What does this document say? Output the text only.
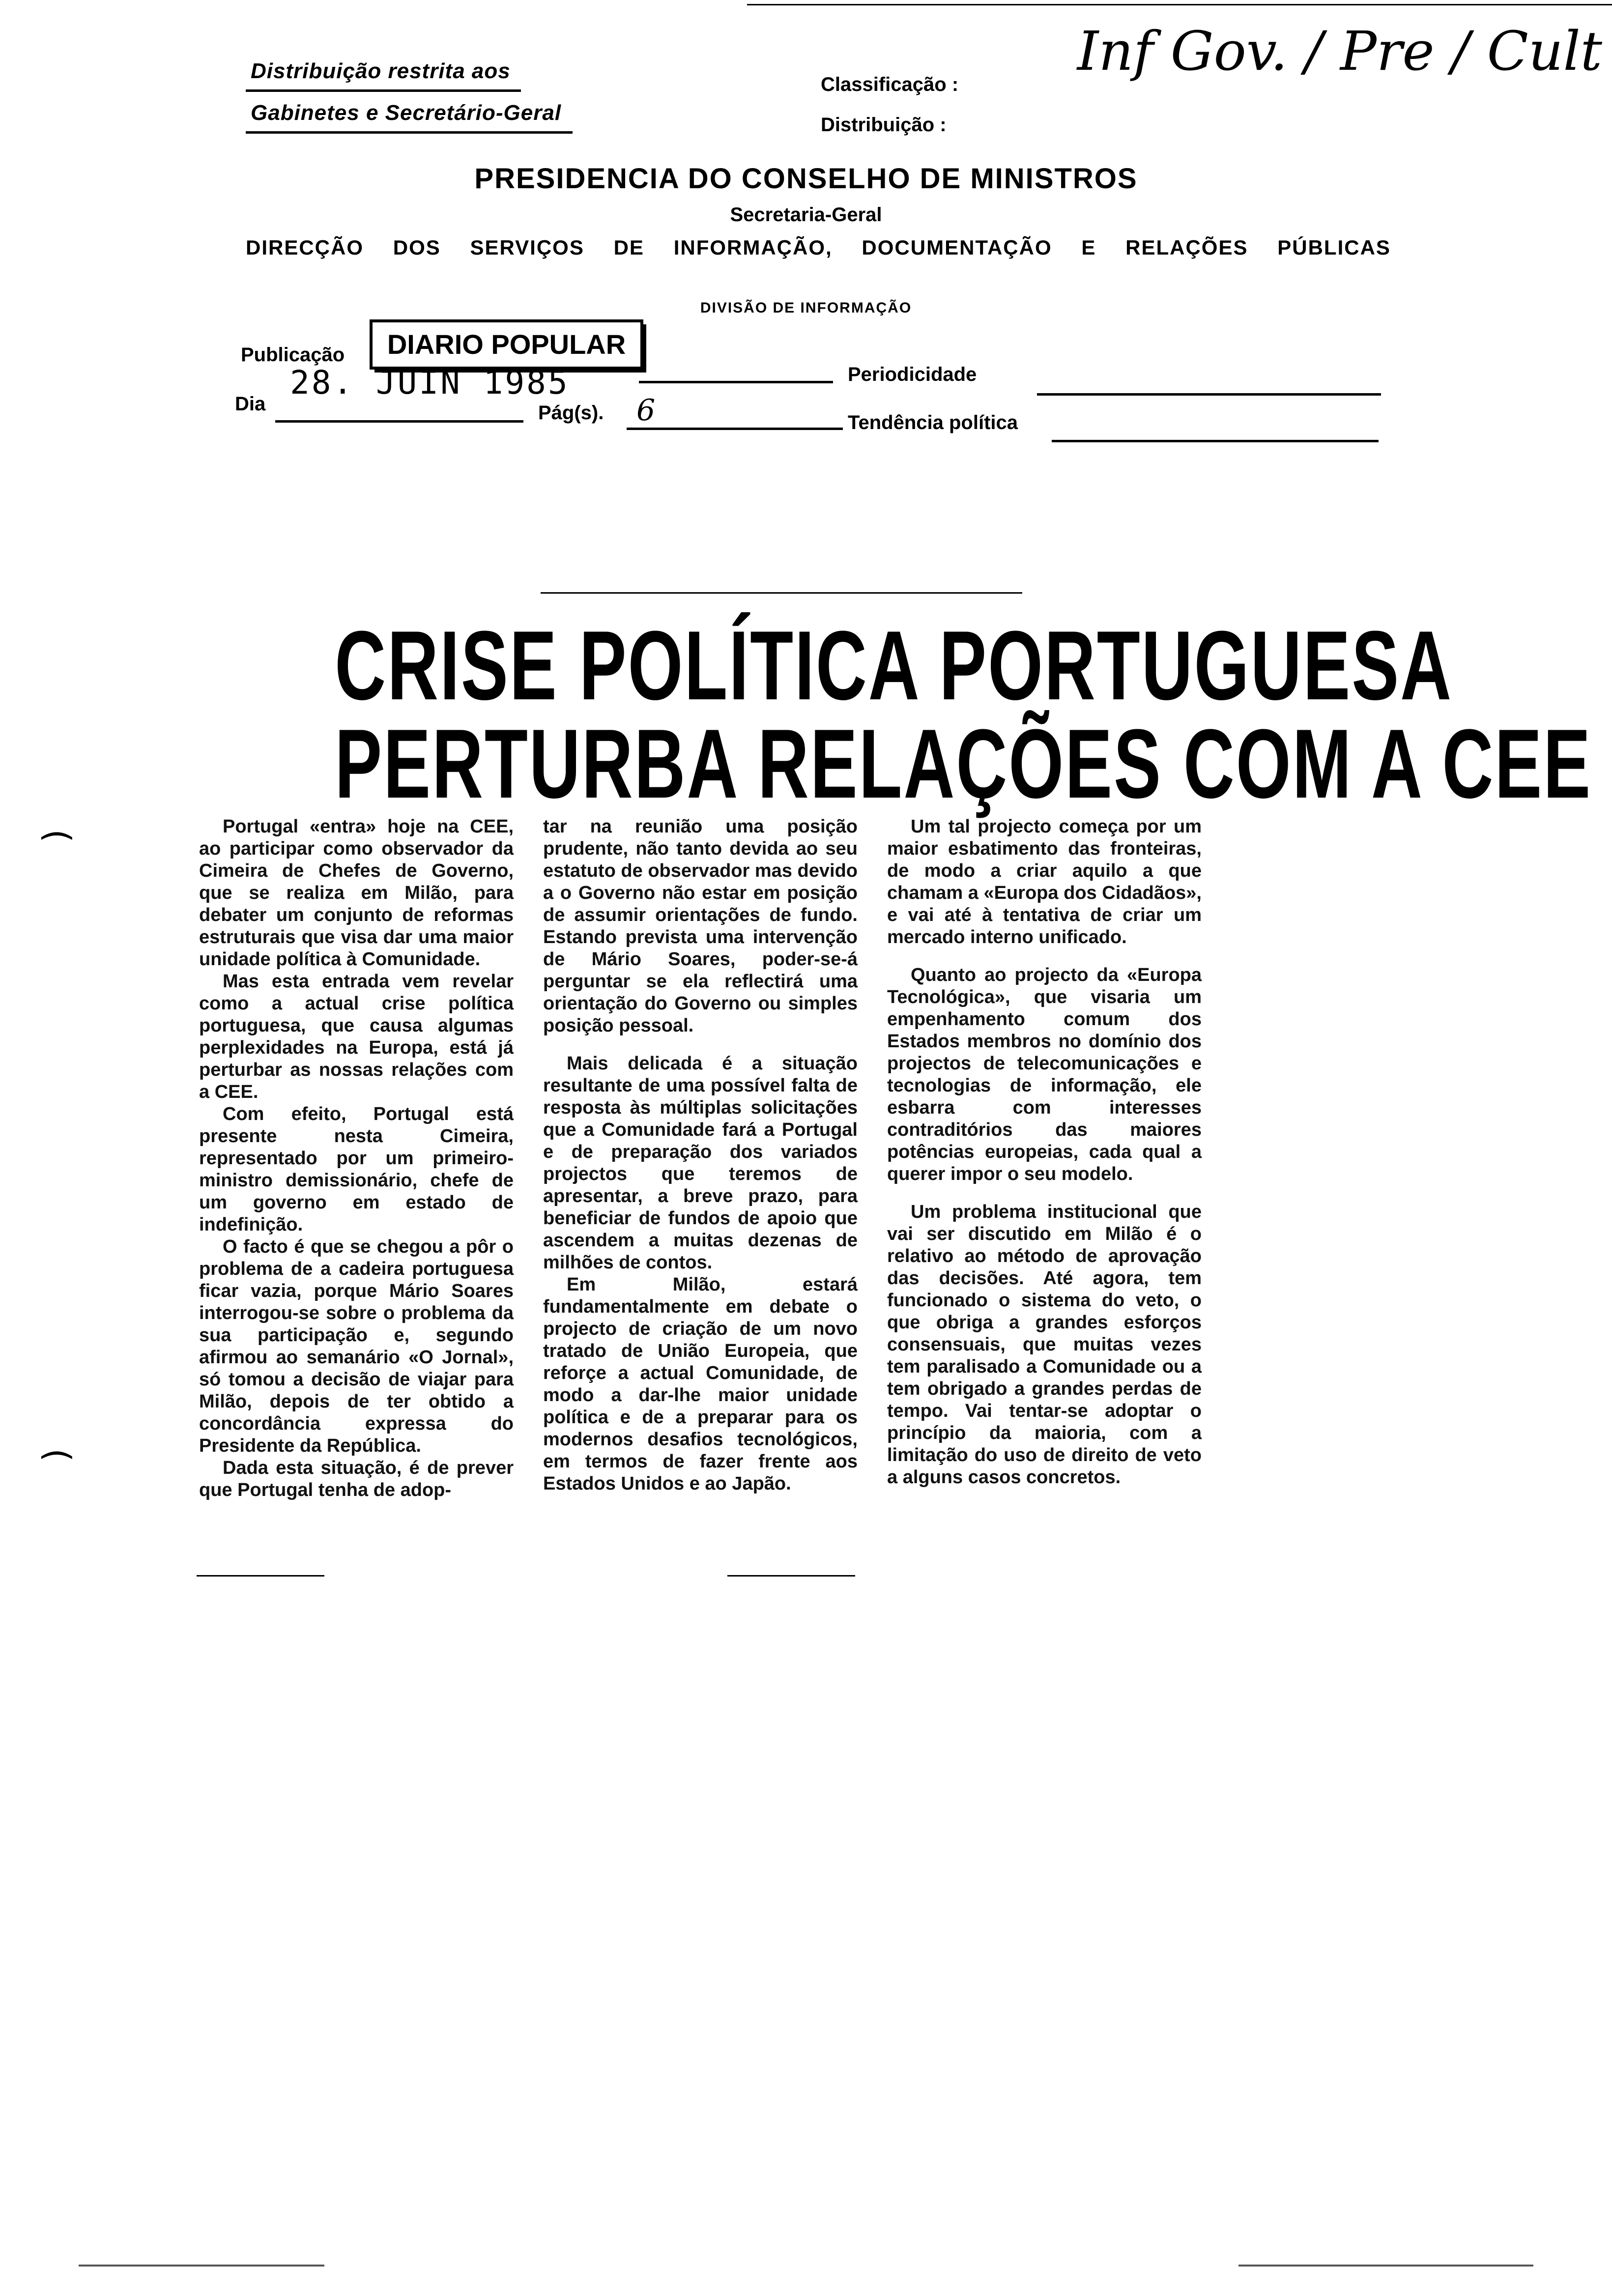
Distribuição restrita aos
Gabinetes e Secretário-Geral
Classificação :
Distribuição :
Inf Gov. / Pre / Cult
PRESIDENCIA DO CONSELHO DE MINISTROS
Secretaria-Geral
DIRECÇÃO DOS SERVIÇOS DE INFORMAÇÃO, DOCUMENTAÇÃO E RELAÇÕES PÚBLICAS
DIVISÃO DE INFORMAÇÃO
Publicação	DIARIO POPULAR
Periodicidade
Dia
28. JUIN 1985
Pág(s). 6	Tendência política
CRISE POLÍTICA PORTUGUESA
PERTURBA RELAÇÕES COM A CEE
)
)

Portugal «entra» hoje na CEE, ao participar como observador da Cimeira de Chefes de Governo, que se realiza em Milão, para debater um conjunto de reformas estruturais que visa dar uma maior unidade política à Comunidade.

Mas esta entrada vem revelar como a actual crise política portuguesa, que causa algumas perplexidades na Europa, está já perturbar as nossas relações com a CEE.

Com efeito, Portugal está presente nesta Cimeira, representado por um primeiro-ministro demissionário, chefe de um governo em estado de indefinição.

O facto é que se chegou a pôr o problema de a cadeira portuguesa ficar vazia, porque Mário Soares interrogou-se sobre o problema da sua participação e, segundo afirmou ao semanário «O Jornal», só tomou a decisão de viajar para Milão, depois de ter obtido a concordância expressa do Presidente da República.

Dada esta situação, é de prever que Portugal tenha de adop-

tar na reunião uma posição prudente, não tanto devida ao seu estatuto de observador mas devido a o Governo não estar em posição de assumir orientações de fundo. Estando prevista uma intervenção de Mário Soares, poder-se-á perguntar se ela reflectirá uma orientação do Governo ou simples posição pessoal.

Mais delicada é a situação resultante de uma possível falta de resposta às múltiplas solicitações que a Comunidade fará a Portugal e de preparação dos variados projectos que teremos de apresentar, a breve prazo, para beneficiar de fundos de apoio que ascendem a muitas dezenas de milhões de contos.

Em Milão, estará fundamentalmente em debate o projecto de criação de um novo tratado de União Europeia, que reforçe a actual Comunidade, de modo a dar-lhe maior unidade política e de a preparar para os modernos desafios tecnológicos, em termos de fazer frente aos Estados Unidos e ao Japão.

Um tal projecto começa por um maior esbatimento das fronteiras, de modo a criar aquilo a que chamam a «Europa dos Cidadãos», e vai até à tentativa de criar um mercado interno unificado.

Quanto ao projecto da «Europa Tecnológica», que visaria um empenhamento comum dos Estados membros no domínio dos projectos de telecomunicações e tecnologias de informação, ele esbarra com interesses contraditórios das maiores potências europeias, cada qual a querer impor o seu modelo.

Um problema institucional que vai ser discutido em Milão é o relativo ao método de aprovação das decisões. Até agora, tem funcionado o sistema do veto, o que obriga a grandes esforços consensuais, que muitas vezes tem paralisado a Comunidade ou a tem obrigado a grandes perdas de tempo. Vai tentar-se adoptar o princípio da maioria, com a limitação do uso de direito de veto a alguns casos concretos.
